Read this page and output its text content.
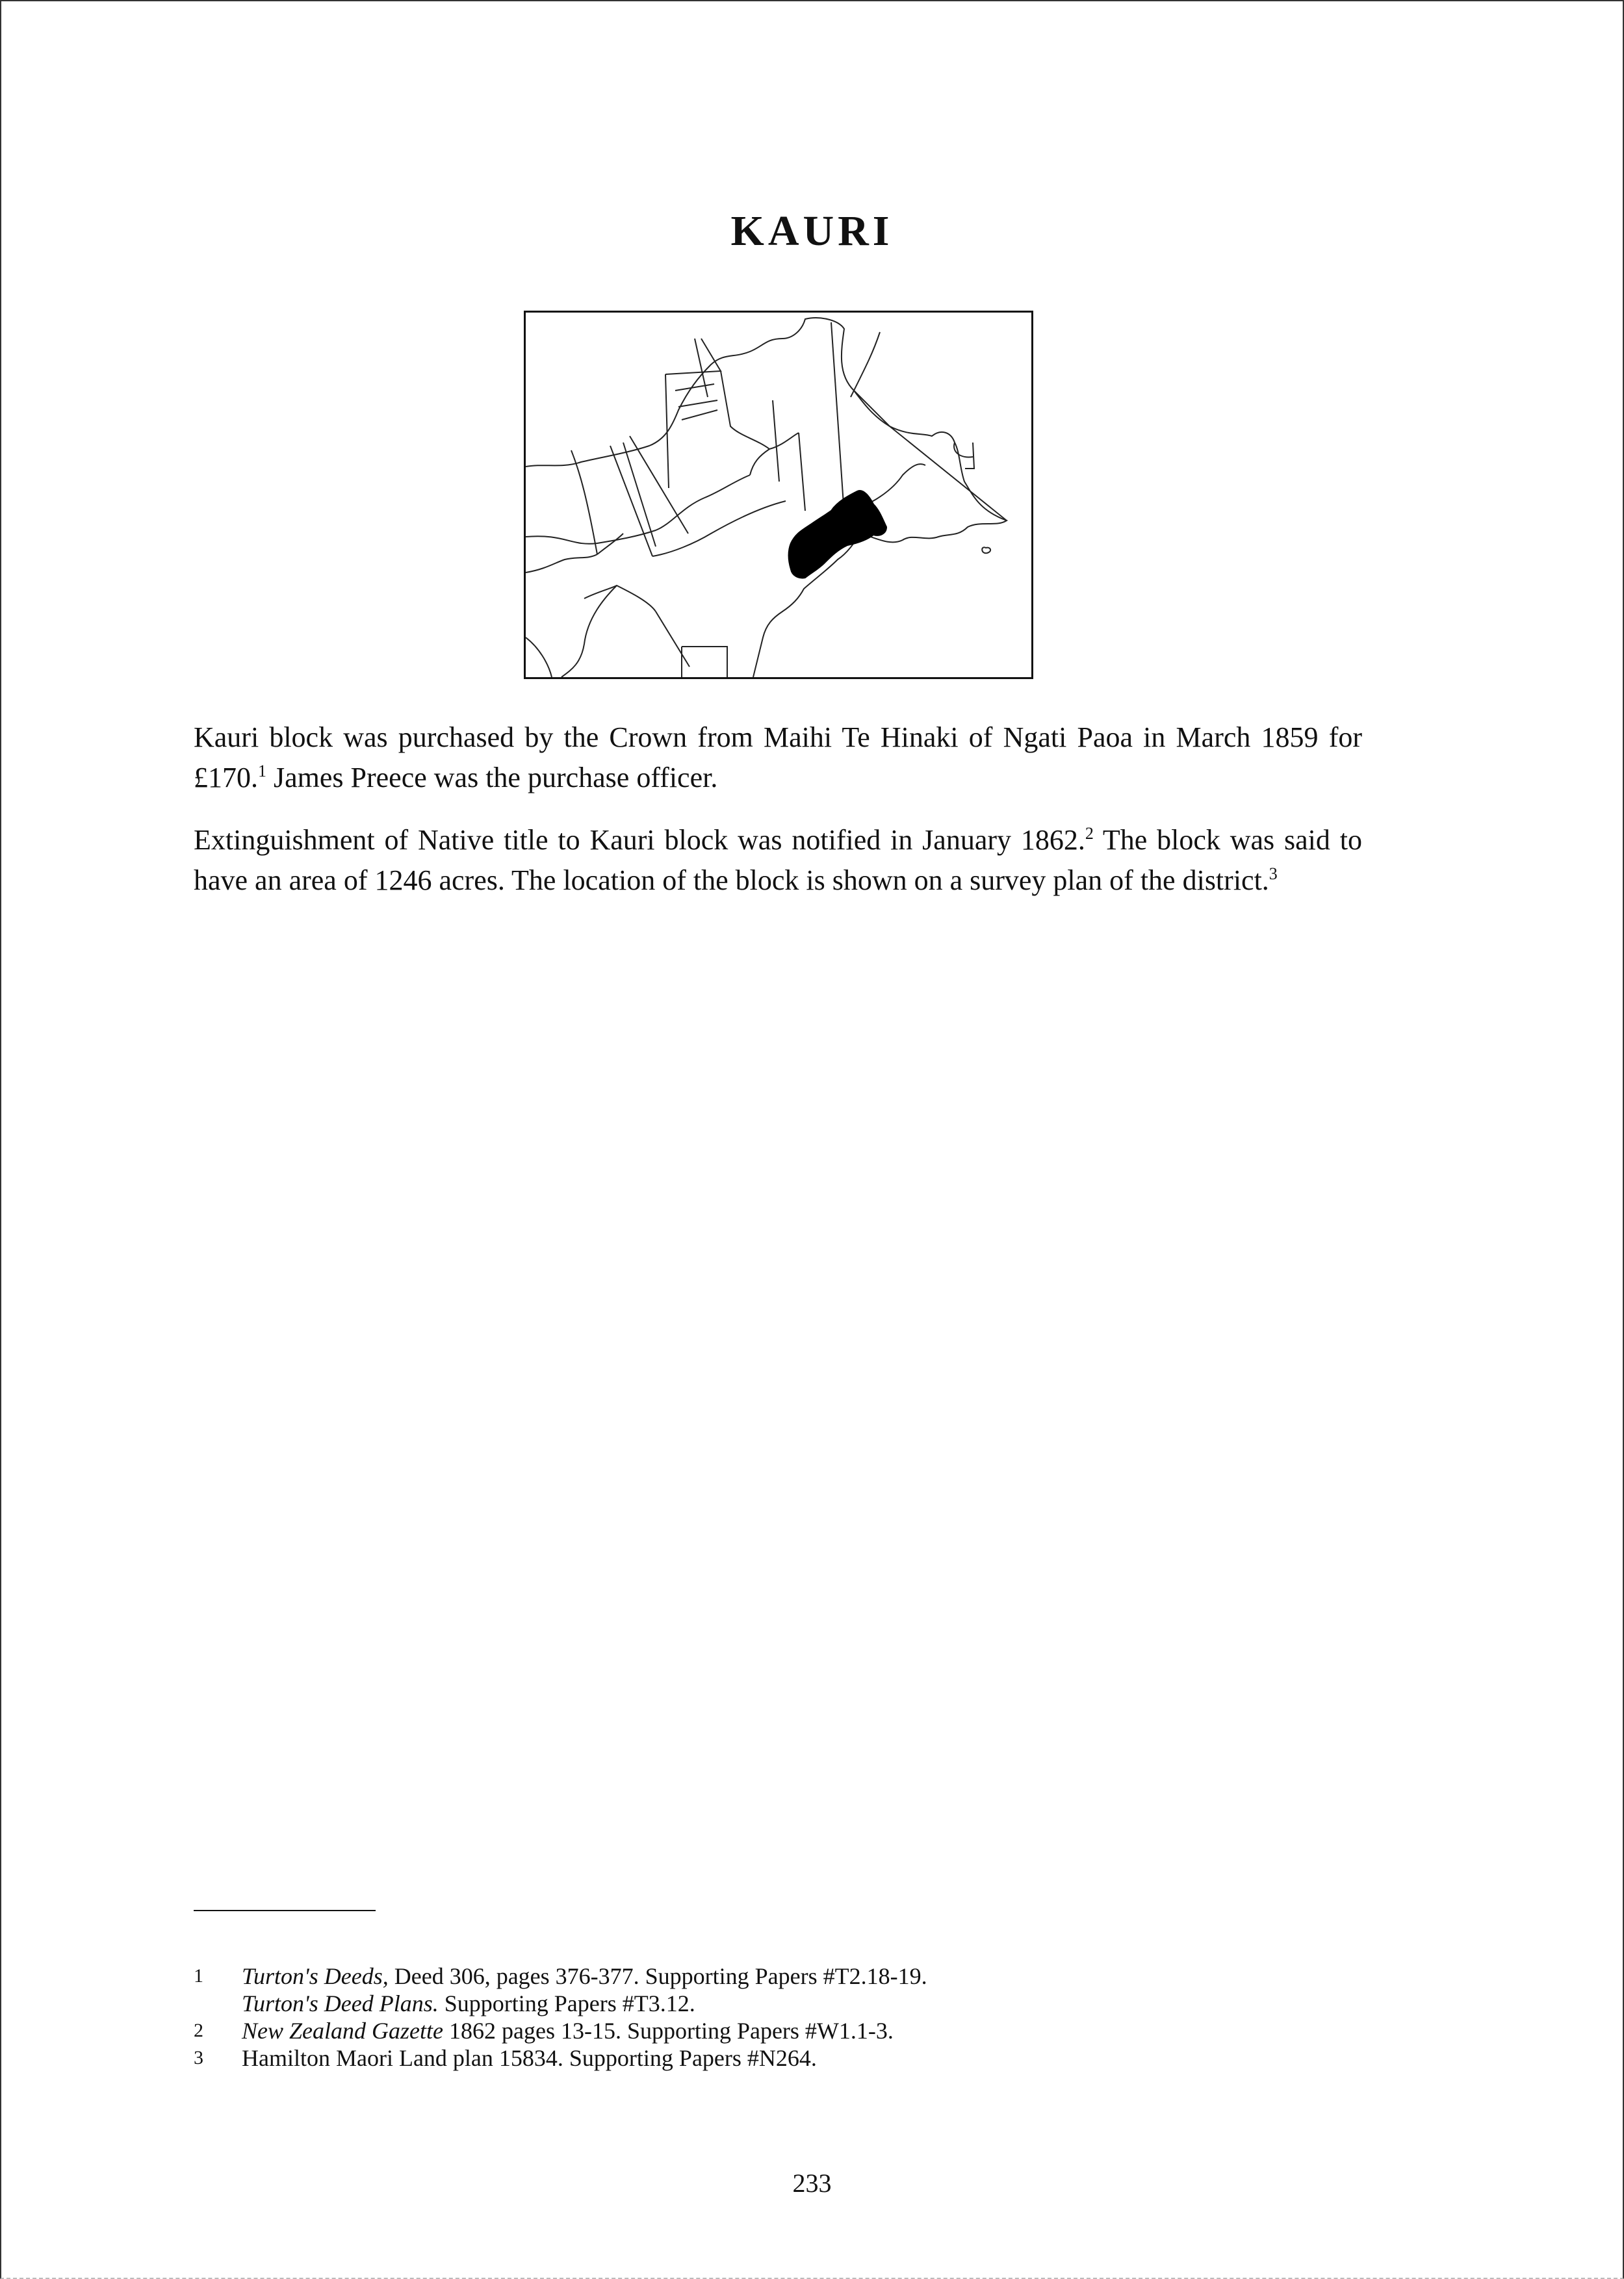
KAURI

Kauri block was purchased by the Crown from Maihi Te Hinaki of Ngati Paoa in March 1859 for £170.$^1$ James Preece was the purchase officer.

Extinguishment of Native title to Kauri block was notified in January 1862.$^2$ The block was said to have an area of 1246 acres. The location of the block is shown on a survey plan of the district.$^3$

1	Turton's Deeds, Deed 306, pages 376-377. Supporting Papers #T2.18-19.
Turton's Deed Plans. Supporting Papers #T3.12.
2	New Zealand Gazette 1862 pages 13-15. Supporting Papers #W1.1-3.
3	Hamilton Maori Land plan 15834. Supporting Papers #N264.
233
